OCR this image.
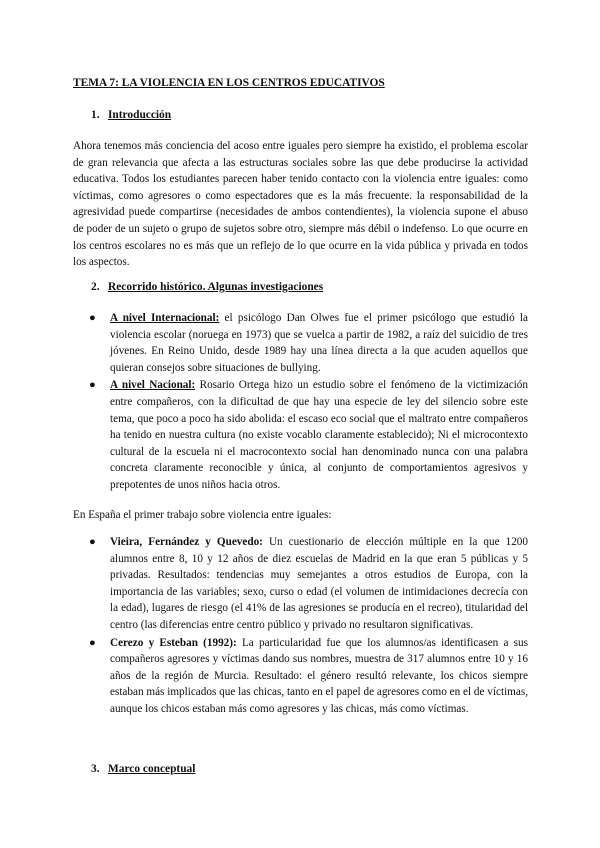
TEMA 7: LA VIOLENCIA EN LOS CENTROS EDUCATIVOS
1. Introducción

Ahora tenemos más conciencia del acoso entre iguales pero siempre ha existido, el problema escolar de gran relevancia que afecta a las estructuras sociales sobre las que debe producirse la actividad educativa. Todos los estudiantes parecen haber tenido contacto con la violencia entre iguales: como víctimas, como agresores o como espectadores que es la más frecuente. la responsabilidad de la agresividad puede compartirse (necesidades de ambos contendientes), la violencia supone el abuso de poder de un sujeto o grupo de sujetos sobre otro, siempre más débil o indefenso. Lo que ocurre en los centros escolares no es más que un reflejo de lo que ocurre en la vida pública y privada en todos los aspectos.

2. Recorrido histórico. Algunas investigaciones
● A nivel Internacional: el psicólogo Dan Olwes fue el primer psicólogo que estudió la violencia escolar (noruega en 1973) que se vuelca a partir de 1982, a raíz del suicidio de tres jóvenes. En Reino Unido, desde 1989 hay una línea directa a la que acuden aquellos que quieran consejos sobre situaciones de bullying.
● A nivel Nacional: Rosario Ortega hizo un estudio sobre el fenómeno de la victimización entre compañeros, con la dificultad de que hay una especie de ley del silencio sobre este tema, que poco a poco ha sido abolida: el escaso eco social que el maltrato entre compañeros ha tenido en nuestra cultura (no existe vocablo claramente establecido); Ni el microcontexto cultural de la escuela ni el macrocontexto social han denominado nunca con una palabra concreta claramente reconocible y única, al conjunto de comportamientos agresivos y prepotentes de unos niños hacia otros.

En España el primer trabajo sobre violencia entre iguales:

● Vieira, Fernández y Quevedo: Un cuestionario de elección múltiple en la que 1200 alumnos entre 8, 10 y 12 años de diez escuelas de Madrid en la que eran 5 públicas y 5 privadas. Resultados: tendencias muy semejantes a otros estudios de Europa, con la importancia de las variables; sexo, curso o edad (el volumen de intimidaciones decrecía con la edad), lugares de riesgo (el 41% de las agresiones se producía en el recreo), titularidad del centro (las diferencias entre centro público y privado no resultaron significativas.
● Cerezo y Esteban (1992): La particularidad fue que los alumnos/as identificasen a sus compañeros agresores y víctimas dando sus nombres, muestra de 317 alumnos entre 10 y 16 años de la región de Murcia. Resultado: el género resultó relevante, los chicos siempre estaban más implicados que las chicas, tanto en el papel de agresores como en el de víctimas, aunque los chicos estaban más como agresores y las chicas, más como víctimas.
3. Marco conceptual
